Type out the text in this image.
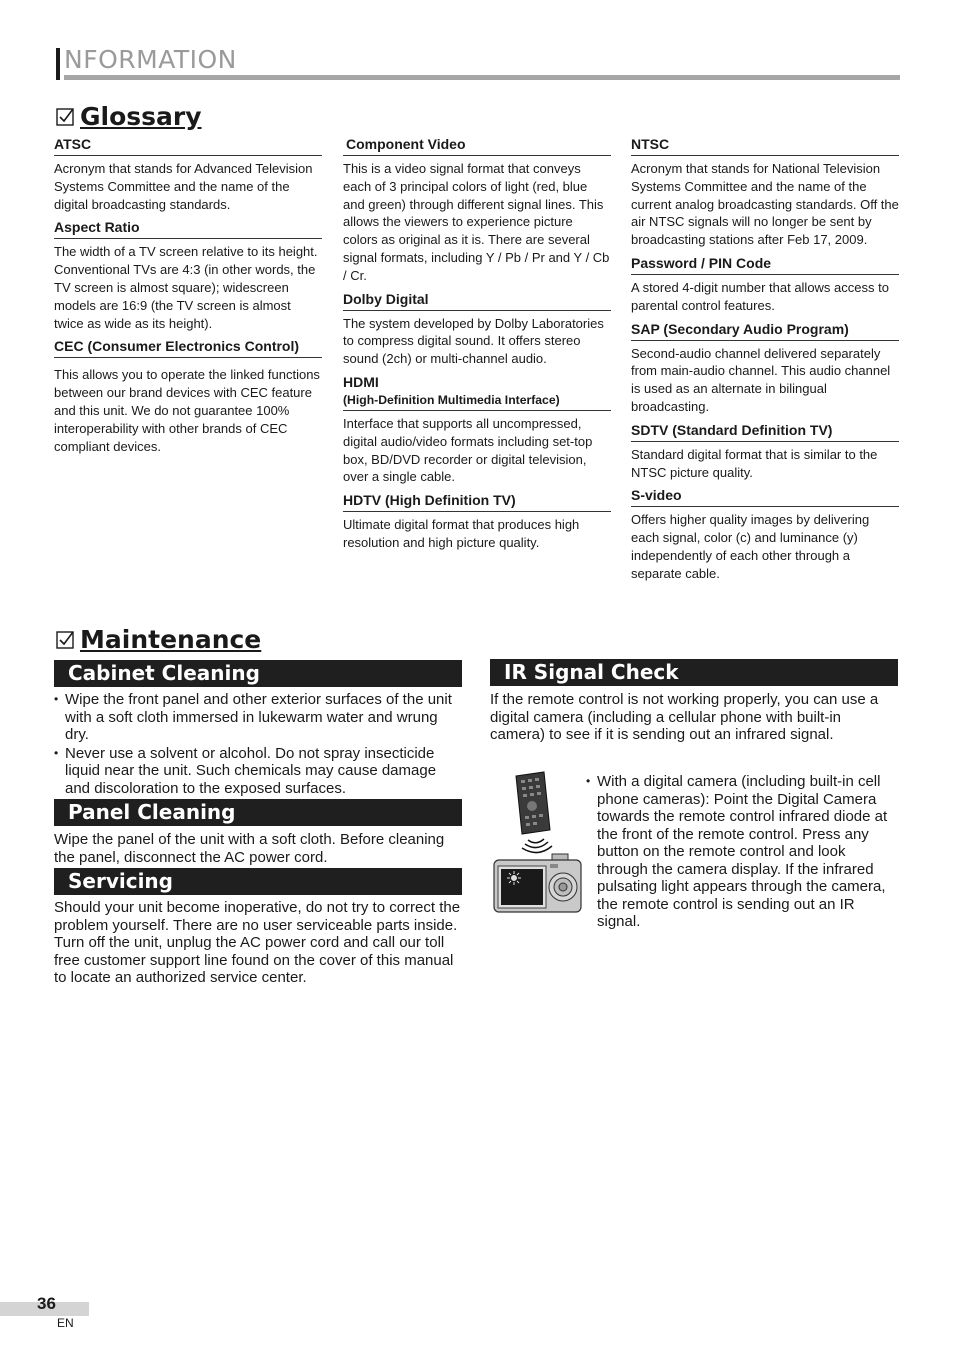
NFORMATION
Glossary
ATSC

Acronym that stands for Advanced Television Systems Committee and the name of the digital broadcasting standards.

Aspect Ratio

The width of a TV screen relative to its height. Conventional TVs are 4:3 (in other words, the TV screen is almost square); widescreen models are 16:9 (the TV screen is almost twice as wide as its height).

CEC (Consumer Electronics Control)

This allows you to operate the linked functions between our brand devices with CEC feature and this unit. We do not guarantee 100% interoperability with other brands of CEC compliant devices.

Component Video

This is a video signal format that conveys each of 3 principal colors of light (red, blue and green) through different signal lines. This allows the viewers to experience picture colors as original as it is. There are several signal formats, including Y / Pb / Pr and Y / Cb / Cr.

Dolby Digital

The system developed by Dolby Laboratories to compress digital sound. It offers stereo sound (2ch) or multi-channel audio.

HDMI
(High-Definition Multimedia Interface)

Interface that supports all uncompressed, digital audio/video formats including set-top box, BD/DVD recorder or digital television, over a single cable.

HDTV (High Definition TV)

Ultimate digital format that produces high resolution and high picture quality.

NTSC

Acronym that stands for National Television Systems Committee and the name of the current analog broadcasting standards. Off the air NTSC signals will no longer be sent by broadcasting stations after Feb 17, 2009.

Password / PIN Code

A stored 4-digit number that allows access to parental control features.

SAP (Secondary Audio Program)

Second-audio channel delivered separately from main-audio channel. This audio channel is used as an alternate in bilingual broadcasting.

SDTV (Standard Definition TV)

Standard digital format that is similar to the NTSC picture quality.

S-video

Offers higher quality images by delivering each signal, color (c) and luminance (y) independently of each other through a separate cable.

Maintenance
Cabinet Cleaning
• Wipe the front panel and other exterior surfaces of the unit with a soft cloth immersed in lukewarm water and wrung dry.
• Never use a solvent or alcohol. Do not spray insecticide liquid near the unit. Such chemicals may cause damage and discoloration to the exposed surfaces.
Panel Cleaning
Wipe the panel of the unit with a soft cloth. Before cleaning the panel, disconnect the AC power cord.
Servicing
Should your unit become inoperative, do not try to correct the problem yourself. There are no user serviceable parts inside. Turn off the unit, unplug the AC power cord and call our toll free customer support line found on the cover of this manual to locate an authorized service center.
IR Signal Check
If the remote control is not working properly, you can use a digital camera (including a cellular phone with built-in camera) to see if it is sending out an infrared signal.
• With a digital camera (including built-in cell phone cameras): Point the Digital Camera towards the remote control infrared diode at the front of the remote control. Press any button on the remote control and look through the camera display. If the infrared pulsating light appears through the camera, the remote control is sending out an IR signal.
36
EN
